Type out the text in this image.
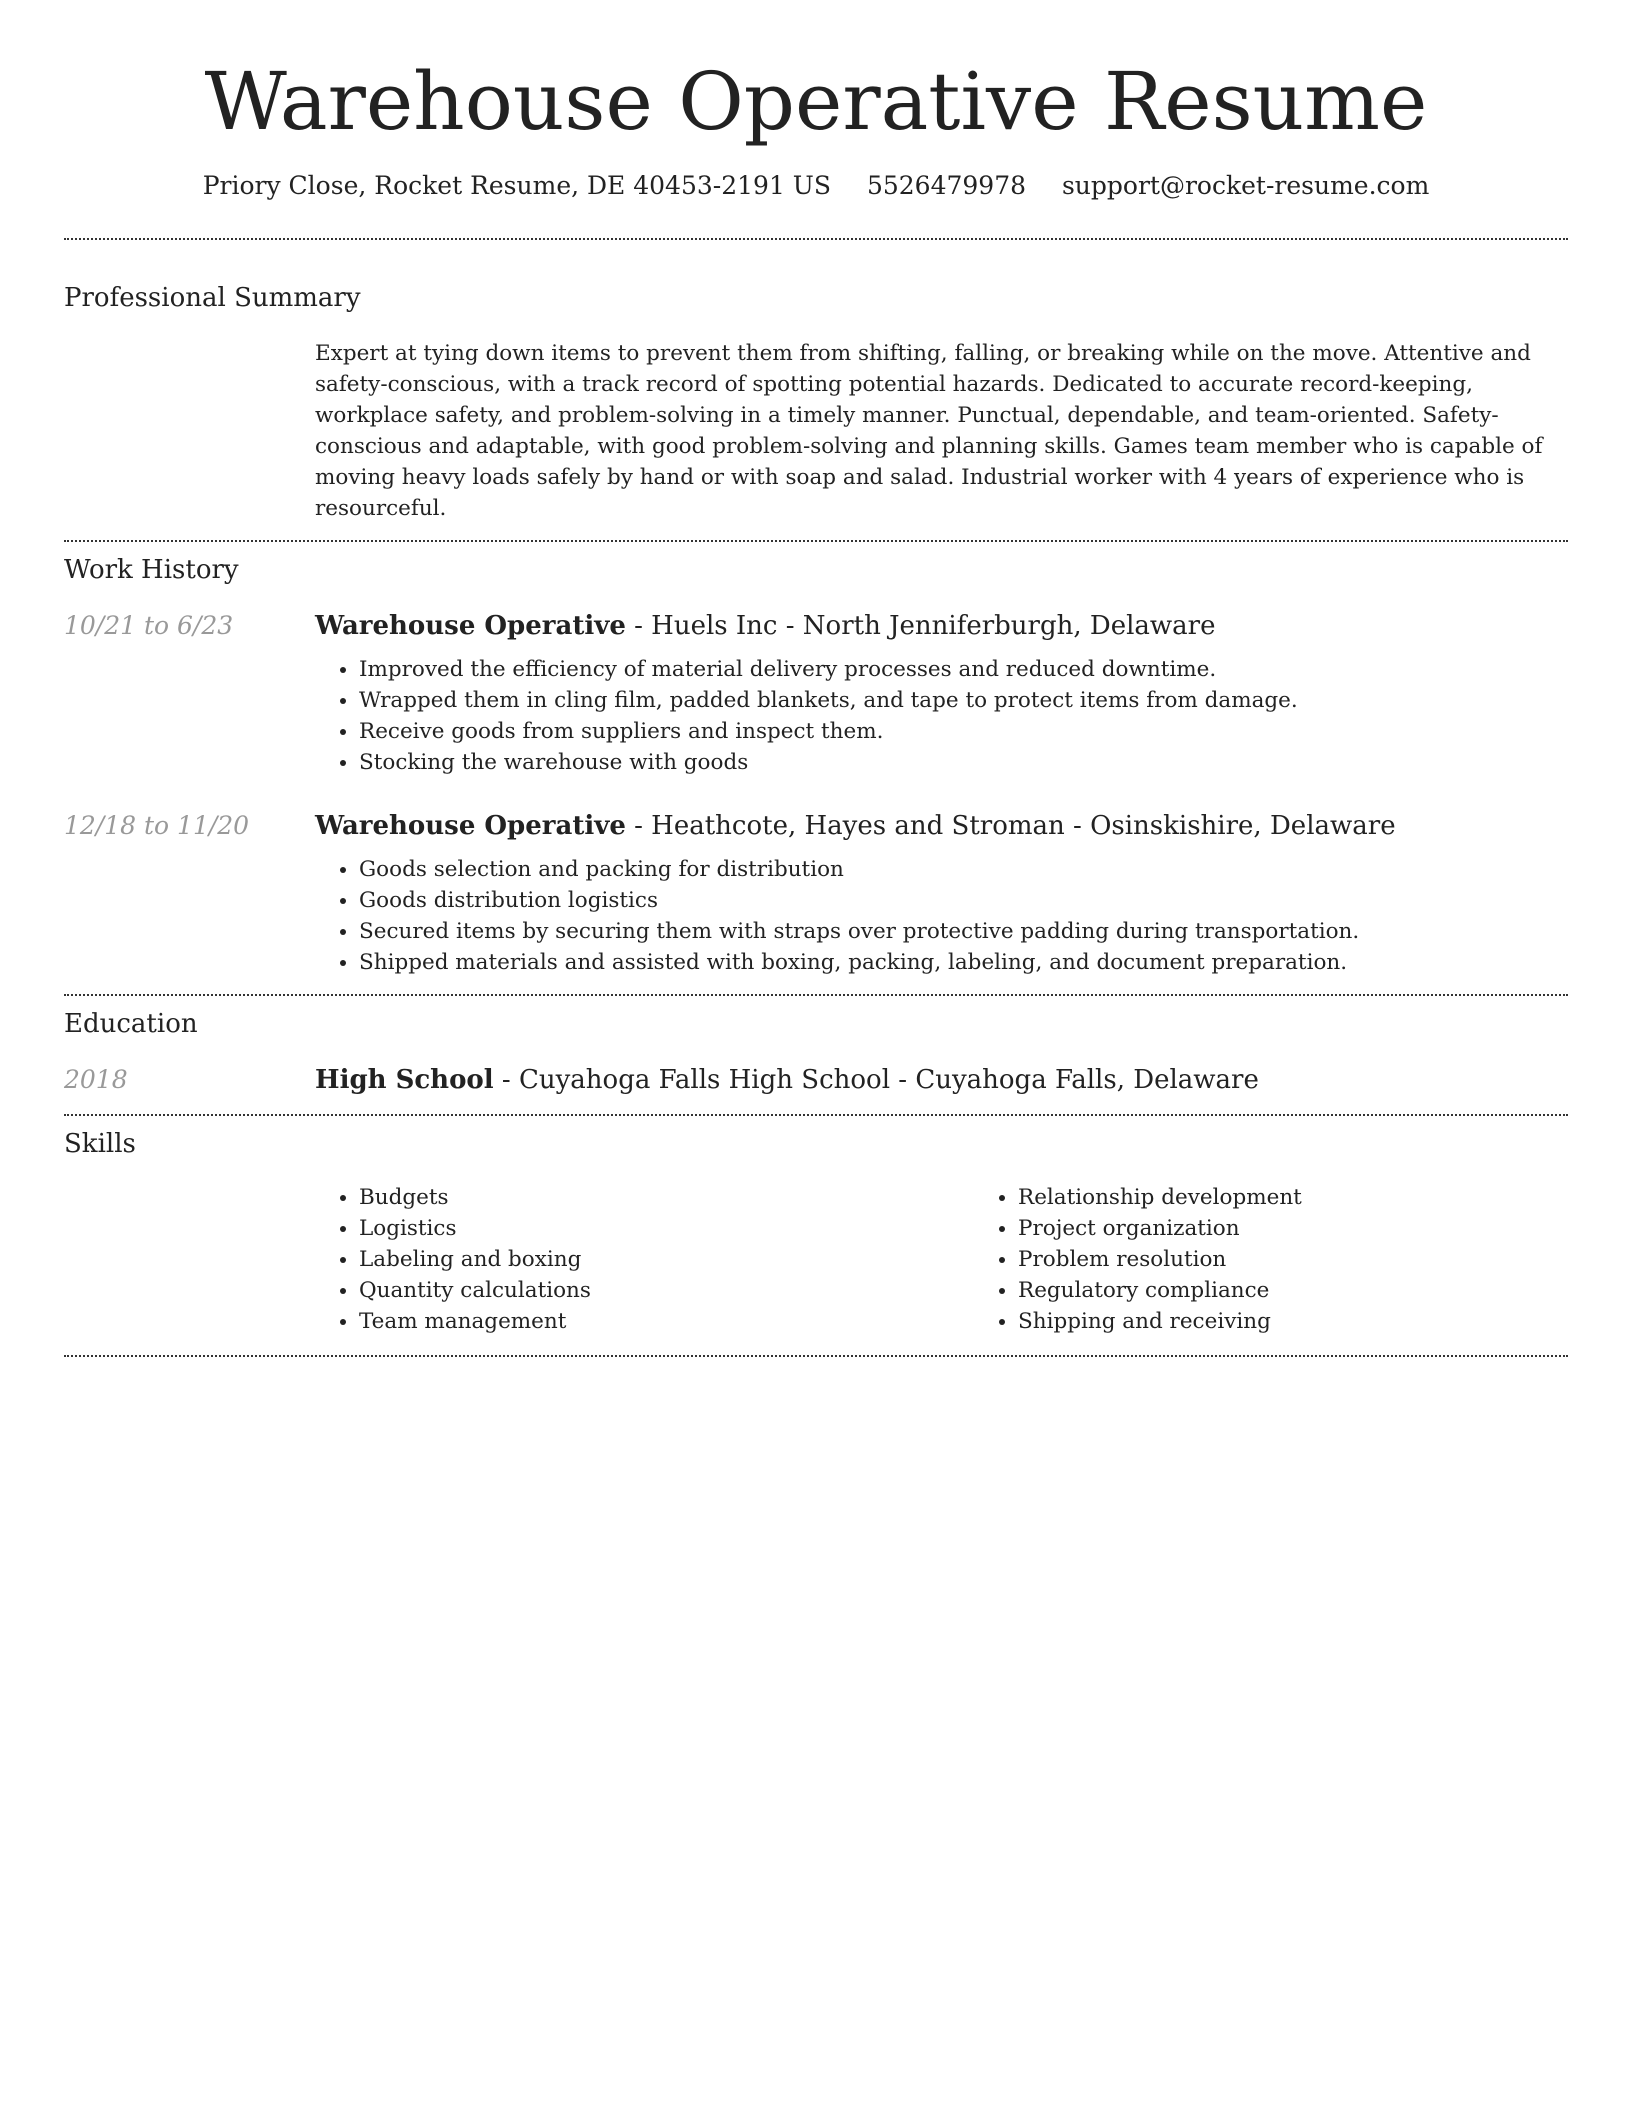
Warehouse Operative Resume
Priory Close, Rocket Resume, DE 40453-2191 US 5526479978 support@rocket-resume.com
Professional Summary
Expert at tying down items to prevent them from shifting, falling, or breaking while on the move. Attentive and safety-conscious, with a track record of spotting potential hazards. Dedicated to accurate record-keeping, workplace safety, and problem-solving in a timely manner. Punctual, dependable, and team-oriented. Safety-conscious and adaptable, with good problem-solving and planning skills. Games team member who is capable of moving heavy loads safely by hand or with soap and salad. Industrial worker with 4 years of experience who is resourceful.
Work History
10/21 to 6/23	Warehouse Operative - Huels Inc - North Jenniferburgh, Delaware
• Improved the efficiency of material delivery processes and reduced downtime.
• Wrapped them in cling film, padded blankets, and tape to protect items from damage.
• Receive goods from suppliers and inspect them.
• Stocking the warehouse with goods
12/18 to 11/20	Warehouse Operative - Heathcote, Hayes and Stroman - Osinskishire, Delaware
• Goods selection and packing for distribution
• Goods distribution logistics
• Secured items by securing them with straps over protective padding during transportation.
• Shipped materials and assisted with boxing, packing, labeling, and document preparation.
Education
2018	High School - Cuyahoga Falls High School - Cuyahoga Falls, Delaware
Skills
• Budgets
• Logistics
• Labeling and boxing
• Quantity calculations
• Team management
• Relationship development
• Project organization
• Problem resolution
• Regulatory compliance
• Shipping and receiving
